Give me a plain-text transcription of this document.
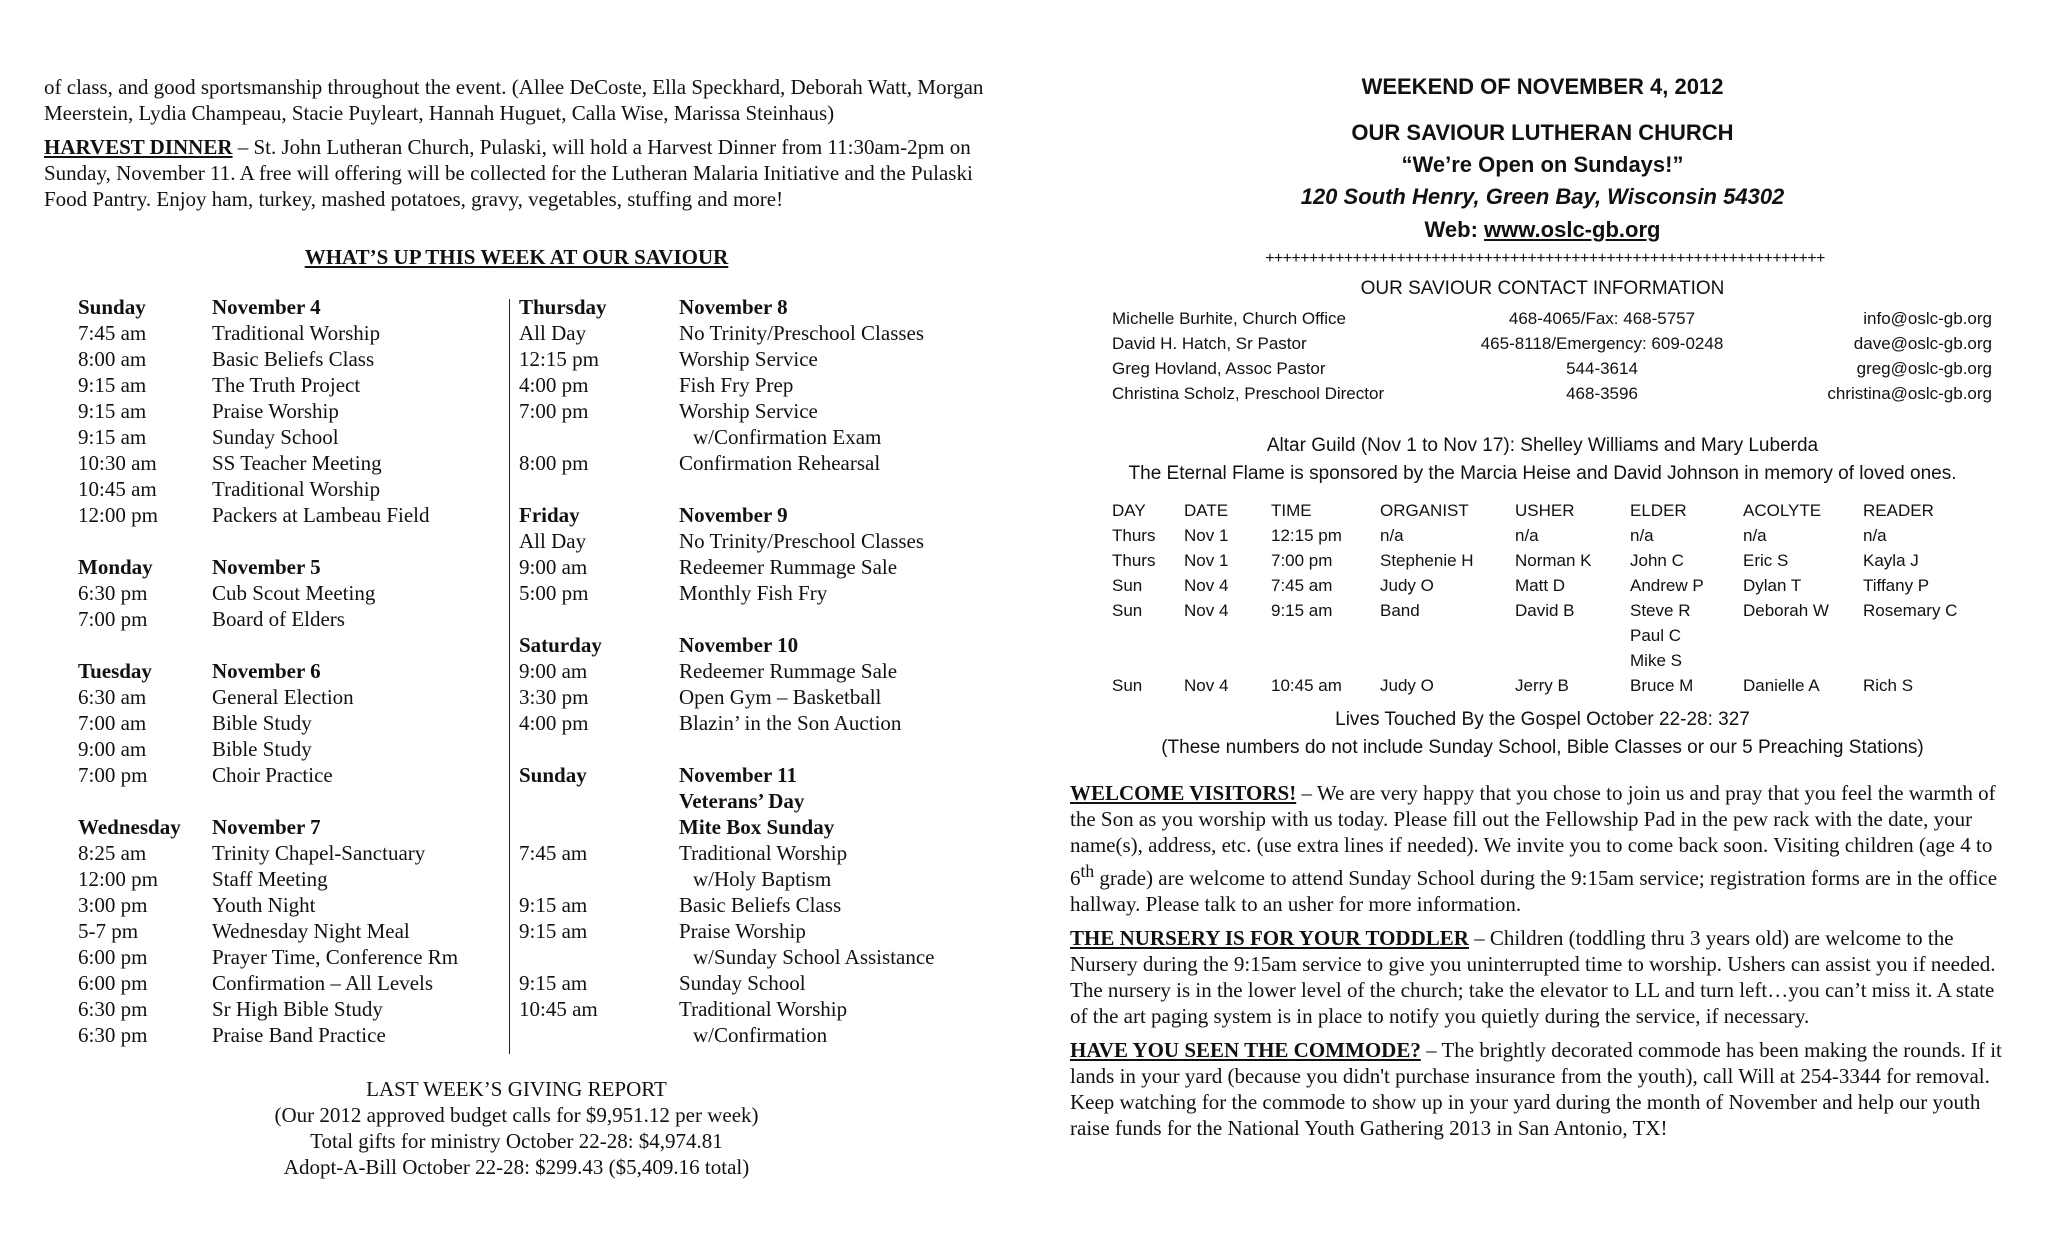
of class, and good sportsmanship throughout the event. (Allee DeCoste, Ella Speckhard, Deborah Watt, Morgan Meerstein, Lydia Champeau, Stacie Puyleart, Hannah Huguet, Calla Wise, Marissa Steinhaus)

HARVEST DINNER – St. John Lutheran Church, Pulaski, will hold a Harvest Dinner from 11:30am-2pm on Sunday, November 11. A free will offering will be collected for the Lutheran Malaria Initiative and the Pulaski Food Pantry. Enjoy ham, turkey, mashed potatoes, gravy, vegetables, stuffing and more!

WHAT’S UP THIS WEEK AT OUR SAVIOUR
Sunday	November 4
7:45 am	Traditional Worship
8:00 am	Basic Beliefs Class
9:15 am	The Truth Project
9:15 am	Praise Worship
9:15 am	Sunday School
10:30 am	SS Teacher Meeting
10:45 am	Traditional Worship
12:00 pm	Packers at Lambeau Field
Monday	November 5
6:30 pm	Cub Scout Meeting
7:00 pm	Board of Elders
Tuesday	November 6
6:30 am	General Election
7:00 am	Bible Study
9:00 am	Bible Study
7:00 pm	Choir Practice
Wednesday	November 7
8:25 am	Trinity Chapel-Sanctuary
12:00 pm	Staff Meeting
3:00 pm	Youth Night
5-7 pm	Wednesday Night Meal
6:00 pm	Prayer Time, Conference Rm
6:00 pm	Confirmation – All Levels
6:30 pm	Sr High Bible Study
6:30 pm	Praise Band Practice
Thursday	November 8
All Day	No Trinity/Preschool Classes
12:15 pm	Worship Service
4:00 pm	Fish Fry Prep
7:00 pm	Worship Service
w/Confirmation Exam
8:00 pm	Confirmation Rehearsal
Friday	November 9
All Day	No Trinity/Preschool Classes
9:00 am	Redeemer Rummage Sale
5:00 pm	Monthly Fish Fry
Saturday	November 10
9:00 am	Redeemer Rummage Sale
3:30 pm	Open Gym – Basketball
4:00 pm	Blazin’ in the Son Auction
Sunday	November 11
Veterans’ Day
Mite Box Sunday
7:45 am	Traditional Worship
w/Holy Baptism
9:15 am	Basic Beliefs Class
9:15 am	Praise Worship
w/Sunday School Assistance
9:15 am	Sunday School
10:45 am	Traditional Worship
w/Confirmation
LAST WEEK’S GIVING REPORT
(Our 2012 approved budget calls for $9,951.12 per week)
Total gifts for ministry October 22-28: $4,974.81
Adopt-A-Bill October 22-28: $299.43 ($5,409.16 total)
WEEKEND OF NOVEMBER 4, 2012
OUR SAVIOUR LUTHERAN CHURCH
“We’re Open on Sundays!”
120 South Henry, Green Bay, Wisconsin 54302
Web: www.oslc-gb.org
++++++++++++++++++++++++++++++++++++++++++++++++++++++++++++++++
OUR SAVIOUR CONTACT INFORMATION
Michelle Burhite, Church Office	468-4065/Fax: 468-5757	info@oslc-gb.org
David H. Hatch, Sr Pastor	465-8118/Emergency: 609-0248	dave@oslc-gb.org
Greg Hovland, Assoc Pastor	544-3614	greg@oslc-gb.org
Christina Scholz, Preschool Director	468-3596	christina@oslc-gb.org
Altar Guild (Nov 1 to Nov 17): Shelley Williams and Mary Luberda
The Eternal Flame is sponsored by the Marcia Heise and David Johnson in memory of loved ones.
DAY	DATE	TIME	ORGANIST	USHER	ELDER	ACOLYTE	READER
Thurs	Nov 1	12:15 pm	n/a	n/a	n/a	n/a	n/a
Thurs	Nov 1	7:00 pm	Stephenie H	Norman K	John C	Eric S	Kayla J
Sun	Nov 4	7:45 am	Judy O	Matt D	Andrew P	Dylan T	Tiffany P
Sun	Nov 4	9:15 am	Band	David B	Steve R	Deborah W	Rosemary C
Paul C
Mike S
Sun	Nov 4	10:45 am	Judy O	Jerry B	Bruce M	Danielle A	Rich S
Lives Touched By the Gospel October 22-28: 327
(These numbers do not include Sunday School, Bible Classes or our 5 Preaching Stations)

WELCOME VISITORS! – We are very happy that you chose to join us and pray that you feel the warmth of the Son as you worship with us today. Please fill out the Fellowship Pad in the pew rack with the date, your name(s), address, etc. (use extra lines if needed). We invite you to come back soon. Visiting children (age 4 to 6th grade) are welcome to attend Sunday School during the 9:15am service; registration forms are in the office hallway. Please talk to an usher for more information.

THE NURSERY IS FOR YOUR TODDLER – Children (toddling thru 3 years old) are welcome to the Nursery during the 9:15am service to give you uninterrupted time to worship. Ushers can assist you if needed. The nursery is in the lower level of the church; take the elevator to LL and turn left…you can’t miss it. A state of the art paging system is in place to notify you quietly during the service, if necessary.

HAVE YOU SEEN THE COMMODE? – The brightly decorated commode has been making the rounds. If it lands in your yard (because you didn't purchase insurance from the youth), call Will at 254-3344 for removal. Keep watching for the commode to show up in your yard during the month of November and help our youth raise funds for the National Youth Gathering 2013 in San Antonio, TX!
